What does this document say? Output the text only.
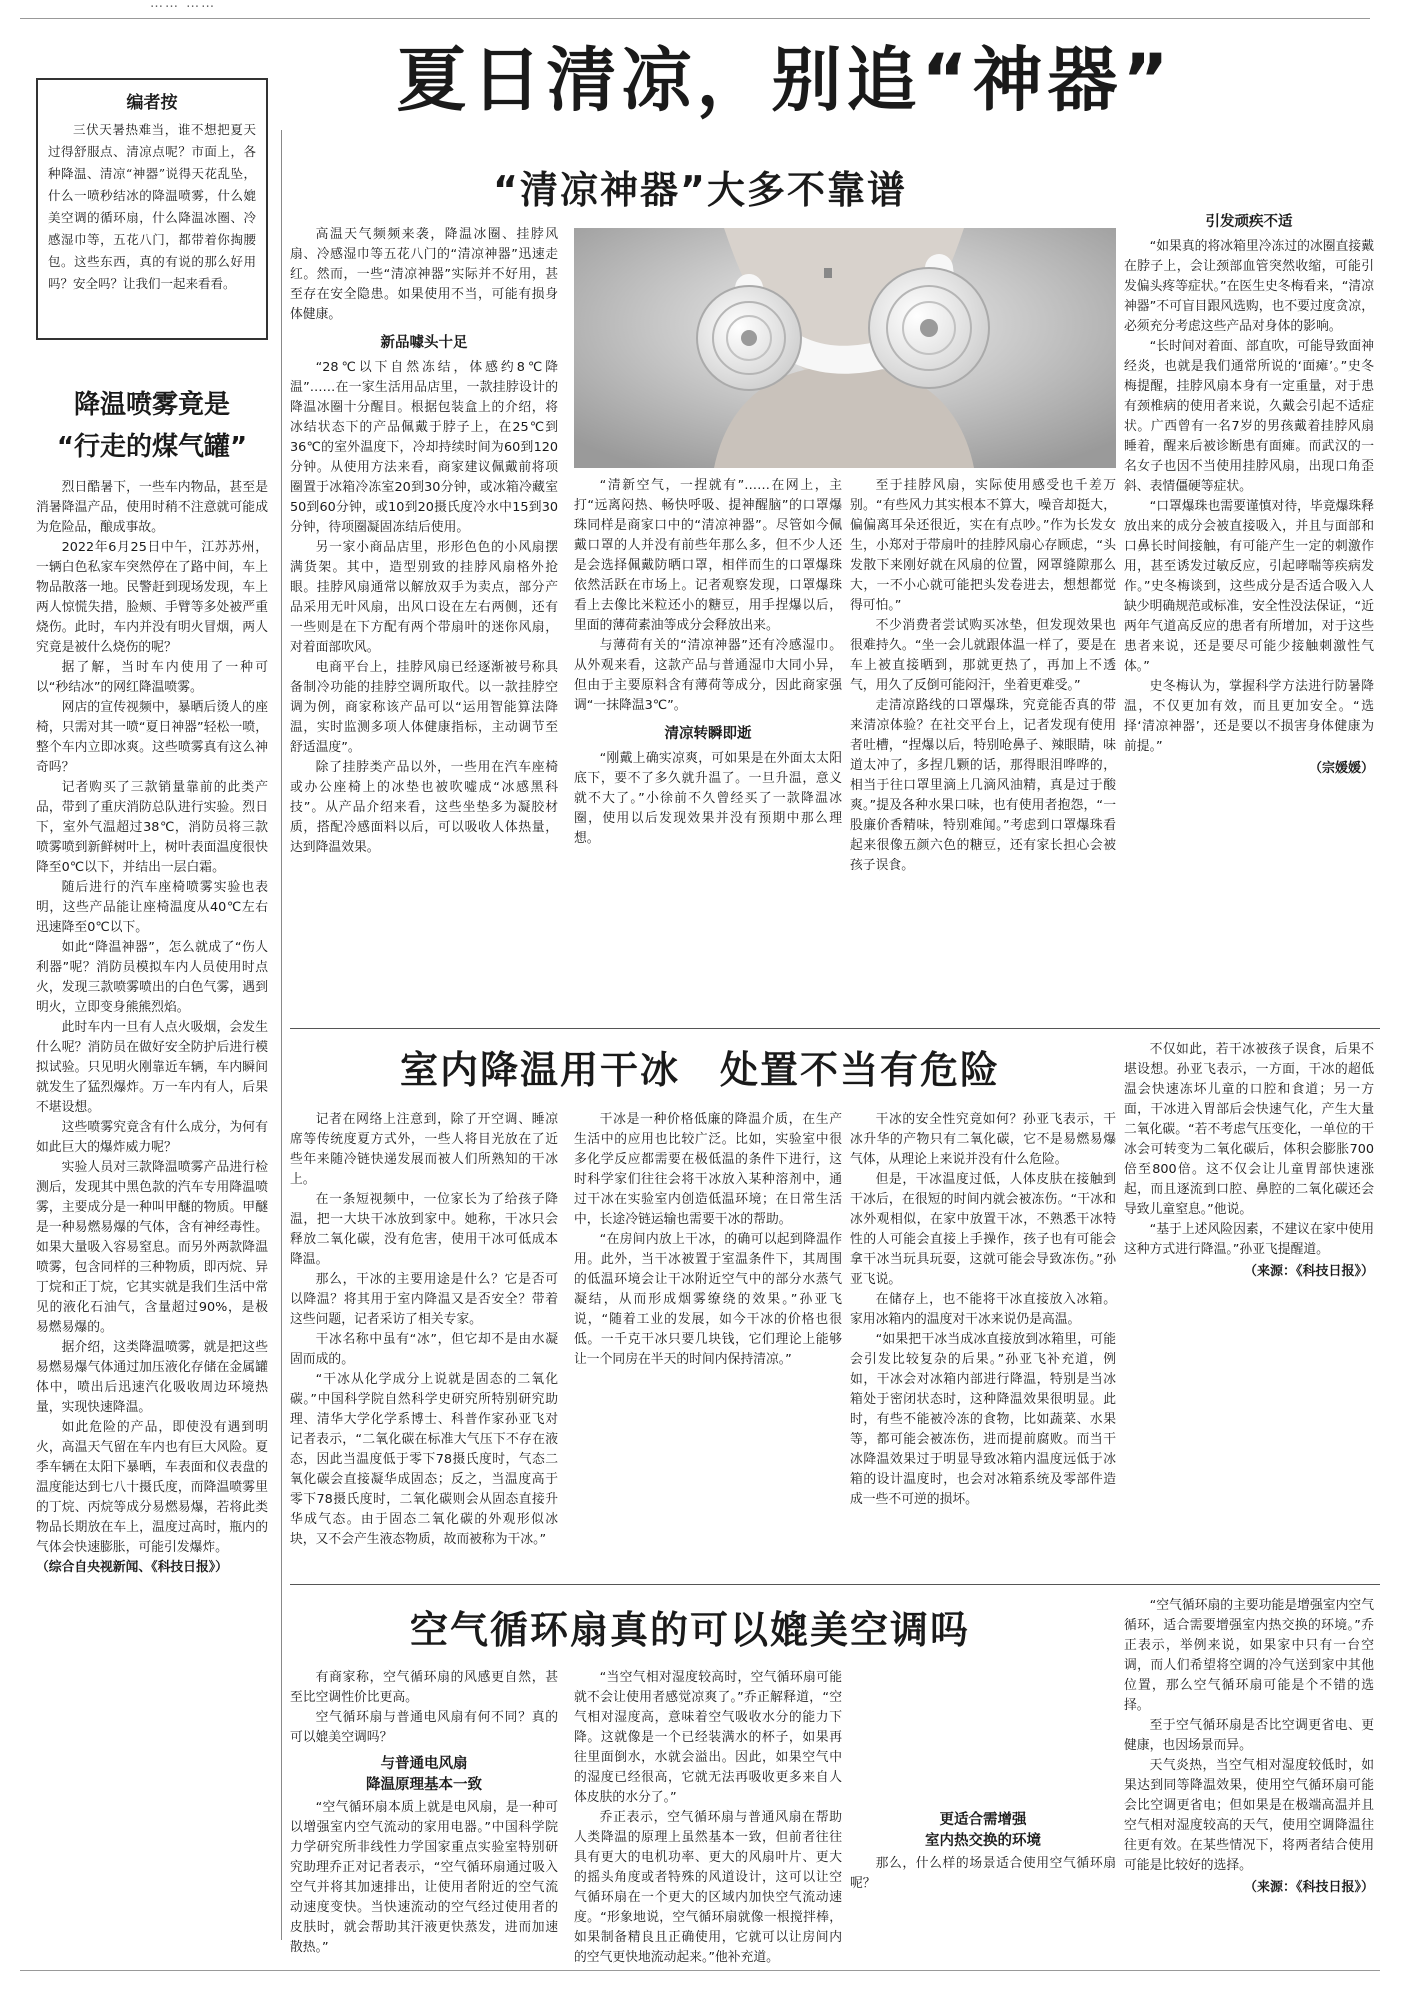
…… ……
夏日清凉，别追“神器”
编者按
三伏天暑热难当，谁不想把夏天过得舒服点、清凉点呢？市面上，各种降温、清凉“神器”说得天花乱坠，什么一喷秒结冰的降温喷雾，什么媲美空调的循环扇，什么降温冰圈、冷感湿巾等，五花八门，都带着你掏腰包。这些东西，真的有说的那么好用吗？安全吗？让我们一起来看看。
降温喷雾竟是
“行走的煤气罐”

烈日酷暑下，一些车内物品，甚至是消暑降温产品，使用时稍不注意就可能成为危险品，酿成事故。

2022年6月25日中午，江苏苏州，一辆白色私家车突然停在了路中间，车上物品散落一地。民警赶到现场发现，车上两人惊慌失措，脸颊、手臂等多处被严重烧伤。此时，车内并没有明火冒烟，两人究竟是被什么烧伤的呢？

据了解，当时车内使用了一种可以“秒结冰”的网红降温喷雾。

网店的宣传视频中，暴晒后烫人的座椅，只需对其一喷“夏日神器”轻松一喷，整个车内立即冰爽。这些喷雾真有这么神奇吗？

记者购买了三款销量靠前的此类产品，带到了重庆消防总队进行实验。烈日下，室外气温超过38℃，消防员将三款喷雾喷到新鲜树叶上，树叶表面温度很快降至0℃以下，并结出一层白霜。

随后进行的汽车座椅喷雾实验也表明，这些产品能让座椅温度从40℃左右迅速降至0℃以下。

如此“降温神器”，怎么就成了“伤人利器”呢？消防员模拟车内人员使用时点火，发现三款喷雾喷出的白色气雾，遇到明火，立即变身熊熊烈焰。

此时车内一旦有人点火吸烟，会发生什么呢？消防员在做好安全防护后进行模拟试验。只见明火刚靠近车辆，车内瞬间就发生了猛烈爆炸。万一车内有人，后果不堪设想。

这些喷雾究竟含有什么成分，为何有如此巨大的爆炸威力呢？

实验人员对三款降温喷雾产品进行检测后，发现其中黑色款的汽车专用降温喷雾，主要成分是一种叫甲醚的物质。甲醚是一种易燃易爆的气体，含有神经毒性。如果大量吸入容易窒息。而另外两款降温喷雾，包含同样的三种物质，即丙烷、异丁烷和正丁烷，它其实就是我们生活中常见的液化石油气，含量超过90%，是极易燃易爆的。

据介绍，这类降温喷雾，就是把这些易燃易爆气体通过加压液化存储在金属罐体中，喷出后迅速汽化吸收周边环境热量，实现快速降温。

如此危险的产品，即使没有遇到明火，高温天气留在车内也有巨大风险。夏季车辆在太阳下暴晒，车表面和仪表盘的温度能达到七八十摄氏度，而降温喷雾里的丁烷、丙烷等成分易燃易爆，若将此类物品长期放在车上，温度过高时，瓶内的气体会快速膨胀，可能引发爆炸。

（综合自央视新闻、《科技日报》）

“清凉神器”大多不靠谱

高温天气频频来袭，降温冰圈、挂脖风扇、冷感湿巾等五花八门的“清凉神器”迅速走红。然而，一些“清凉神器”实际并不好用，甚至存在安全隐患。如果使用不当，可能有损身体健康。

新品噱头十足

“28℃以下自然冻结，体感约8℃降温”……在一家生活用品店里，一款挂脖设计的降温冰圈十分醒目。根据包装盒上的介绍，将冰结状态下的产品佩戴于脖子上，在25℃到36℃的室外温度下，冷却持续时间为60到120分钟。从使用方法来看，商家建议佩戴前将项圈置于冰箱冷冻室20到30分钟，或冰箱冷藏室50到60分钟，或10到20摄氏度冷水中15到30分钟，待项圈凝固冻结后使用。

另一家小商品店里，形形色色的小风扇摆满货架。其中，造型别致的挂脖风扇格外抢眼。挂脖风扇通常以解放双手为卖点，部分产品采用无叶风扇，出风口设在左右两侧，还有一些则是在下方配有两个带扇叶的迷你风扇，对着面部吹风。

电商平台上，挂脖风扇已经逐渐被号称具备制冷功能的挂脖空调所取代。以一款挂脖空调为例，商家称该产品可以“运用智能算法降温，实时监测多项人体健康指标，主动调节至舒适温度”。

除了挂脖类产品以外，一些用在汽车座椅或办公座椅上的冰垫也被吹嘘成“冰感黑科技”。从产品介绍来看，这些坐垫多为凝胶材质，搭配冷感面料以后，可以吸收人体热量，达到降温效果。

“清新空气，一捏就有”……在网上，主打“远离闷热、畅快呼吸、提神醒脑”的口罩爆珠同样是商家口中的“清凉神器”。尽管如今佩戴口罩的人并没有前些年那么多，但不少人还是会选择佩戴防晒口罩，相伴而生的口罩爆珠依然活跃在市场上。记者观察发现，口罩爆珠看上去像比米粒还小的糖豆，用手捏爆以后，里面的薄荷素油等成分会释放出来。

与薄荷有关的“清凉神器”还有冷感湿巾。从外观来看，这款产品与普通湿巾大同小异，但由于主要原料含有薄荷等成分，因此商家强调“一抹降温3℃”。

清凉转瞬即逝

“刚戴上确实凉爽，可如果是在外面太太阳底下，要不了多久就升温了。一旦升温，意义就不大了。”小徐前不久曾经买了一款降温冰圈，使用以后发现效果并没有预期中那么理想。

至于挂脖风扇，实际使用感受也千差万别。“有些风力其实根本不算大，噪音却挺大，偏偏离耳朵还很近，实在有点吵。”作为长发女生，小郑对于带扇叶的挂脖风扇心存顾虑，“头发散下来刚好就在风扇的位置，网罩缝隙那么大，一不小心就可能把头发卷进去，想想都觉得可怕。”

不少消费者尝试购买冰垫，但发现效果也很难持久。“坐一会儿就跟体温一样了，要是在车上被直接晒到，那就更热了，再加上不透气，用久了反倒可能闷汗，坐着更难受。”

走清凉路线的口罩爆珠，究竟能否真的带来清凉体验？在社交平台上，记者发现有使用者吐槽，“捏爆以后，特别呛鼻子、辣眼睛，味道太冲了，多捏几颗的话，那得眼泪哗哗的，相当于往口罩里滴上几滴风油精，真是过于酸爽。”提及各种水果口味，也有使用者抱怨，“一股廉价香精味，特别难闻。”考虑到口罩爆珠看起来很像五颜六色的糖豆，还有家长担心会被孩子误食。

引发顽疾不适

“如果真的将冰箱里冷冻过的冰圈直接戴在脖子上，会让颈部血管突然收缩，可能引发偏头疼等症状。”在医生史冬梅看来，“清凉神器”不可盲目跟风选购，也不要过度贪凉，必须充分考虑这些产品对身体的影响。

“长时间对着面、部直吹，可能导致面神经炎，也就是我们通常所说的‘面瘫’。”史冬梅提醒，挂脖风扇本身有一定重量，对于患有颈椎病的使用者来说，久戴会引起不适症状。广西曾有一名7岁的男孩戴着挂脖风扇睡着，醒来后被诊断患有面瘫。而武汉的一名女子也因不当使用挂脖风扇，出现口角歪斜、表情僵硬等症状。

“口罩爆珠也需要谨慎对待，毕竟爆珠释放出来的成分会被直接吸入，并且与面部和口鼻长时间接触，有可能产生一定的刺激作用，甚至诱发过敏反应，引起哮喘等疾病发作。”史冬梅谈到，这些成分是否适合吸入人缺少明确规范或标准，安全性没法保证，“近两年气道高反应的患者有所增加，对于这些患者来说，还是要尽可能少接触刺激性气体。”

史冬梅认为，掌握科学方法进行防暑降温，不仅更加有效，而且更加安全。“选择‘清凉神器’，还是要以不损害身体健康为前提。”

（宗媛媛）
室内降温用干冰　处置不当有危险

记者在网络上注意到，除了开空调、睡凉席等传统度夏方式外，一些人将目光放在了近些年来随冷链快递发展而被人们所熟知的干冰上。

在一条短视频中，一位家长为了给孩子降温，把一大块干冰放到家中。她称，干冰只会释放二氧化碳，没有危害，使用干冰可低成本降温。

那么，干冰的主要用途是什么？它是否可以降温？将其用于室内降温又是否安全？带着这些问题，记者采访了相关专家。

干冰名称中虽有“冰”，但它却不是由水凝固而成的。

“干冰从化学成分上说就是固态的二氧化碳。”中国科学院自然科学史研究所特别研究助理、清华大学化学系博士、科普作家孙亚飞对记者表示，“二氧化碳在标准大气压下不存在液态，因此当温度低于零下78摄氏度时，气态二氧化碳会直接凝华成固态；反之，当温度高于零下78摄氏度时，二氧化碳则会从固态直接升华成气态。由于固态二氧化碳的外观形似冰块，又不会产生液态物质，故而被称为干冰。”

干冰是一种价格低廉的降温介质，在生产生活中的应用也比较广泛。比如，实验室中很多化学反应都需要在极低温的条件下进行，这时科学家们往往会将干冰放入某种溶剂中，通过干冰在实验室内创造低温环境；在日常生活中，长途冷链运输也需要干冰的帮助。

“在房间内放上干冰，的确可以起到降温作用。此外，当干冰被置于室温条件下，其周围的低温环境会让干冰附近空气中的部分水蒸气凝结，从而形成烟雾缭绕的效果。”孙亚飞说，“随着工业的发展，如今干冰的价格也很低。一千克干冰只要几块钱，它们理论上能够让一个同房在半天的时间内保持清凉。”

干冰的安全性究竟如何？孙亚飞表示，干冰升华的产物只有二氧化碳，它不是易燃易爆气体，从理论上来说并没有什么危险。

但是，干冰温度过低，人体皮肤在接触到干冰后，在很短的时间内就会被冻伤。“干冰和冰外观相似，在家中放置干冰，不熟悉干冰特性的人可能会直接上手操作，孩子也有可能会拿干冰当玩具玩耍，这就可能会导致冻伤。”孙亚飞说。

在储存上，也不能将干冰直接放入冰箱。家用冰箱内的温度对干冰来说仍是高温。

“如果把干冰当成冰直接放到冰箱里，可能会引发比较复杂的后果。”孙亚飞补充道，例如，干冰会对冰箱内部进行降温，特别是当冰箱处于密闭状态时，这种降温效果很明显。此时，有些不能被冷冻的食物，比如蔬菜、水果等，都可能会被冻伤，进而提前腐败。而当干冰降温效果过于明显导致冰箱内温度远低于冰箱的设计温度时，也会对冰箱系统及零部件造成一些不可逆的损坏。

不仅如此，若干冰被孩子误食，后果不堪设想。孙亚飞表示，一方面，干冰的超低温会快速冻坏儿童的口腔和食道；另一方面，干冰进入胃部后会快速气化，产生大量二氧化碳。“若不考虑气压变化，一单位的干冰会可转变为二氧化碳后，体积会膨胀700倍至800倍。这不仅会让儿童胃部快速涨起，而且逐流到口腔、鼻腔的二氧化碳还会导致儿童窒息。”他说。

“基于上述风险因素，不建议在家中使用这种方式进行降温。”孙亚飞提醒道。

（来源：《科技日报》）
空气循环扇真的可以媲美空调吗

有商家称，空气循环扇的风感更自然，甚至比空调性价比更高。

空气循环扇与普通电风扇有何不同？真的可以媲美空调吗？

与普通电风扇
降温原理基本一致

“空气循环扇本质上就是电风扇，是一种可以增强室内空气流动的家用电器。”中国科学院力学研究所非线性力学国家重点实验室特别研究助理乔正对记者表示，“空气循环扇通过吸入空气并将其加速排出，让使用者附近的空气流动速度变快。当快速流动的空气经过使用者的皮肤时，就会帮助其汗液更快蒸发，进而加速散热。”

“当空气相对湿度较高时，空气循环扇可能就不会让使用者感觉凉爽了。”乔正解释道，“空气相对湿度高，意味着空气吸收水分的能力下降。这就像是一个已经装满水的杯子，如果再往里面倒水，水就会溢出。因此，如果空气中的湿度已经很高，它就无法再吸收更多来自人体皮肤的水分了。”

乔正表示，空气循环扇与普通风扇在帮助人类降温的原理上虽然基本一致，但前者往往具有更大的电机功率、更大的风扇叶片、更大的摇头角度或者特殊的风道设计，这可以让空气循环扇在一个更大的区域内加快空气流动速度。“形象地说，空气循环扇就像一根搅拌棒，如果制备精良且正确使用，它就可以让房间内的空气更快地流动起来。”他补充道。

更适合需增强
室内热交换的环境

那么，什么样的场景适合使用空气循环扇呢？

“空气循环扇的主要功能是增强室内空气循环，适合需要增强室内热交换的环境。”乔正表示，举例来说，如果家中只有一台空调，而人们希望将空调的冷气送到家中其他位置，那么空气循环扇可能是个不错的选择。

至于空气循环扇是否比空调更省电、更健康，也因场景而异。

天气炎热，当空气相对湿度较低时，如果达到同等降温效果，使用空气循环扇可能会比空调更省电；但如果是在极端高温并且空气相对湿度较高的天气，使用空调降温往往更有效。在某些情况下，将两者结合使用可能是比较好的选择。

（来源：《科技日报》）
